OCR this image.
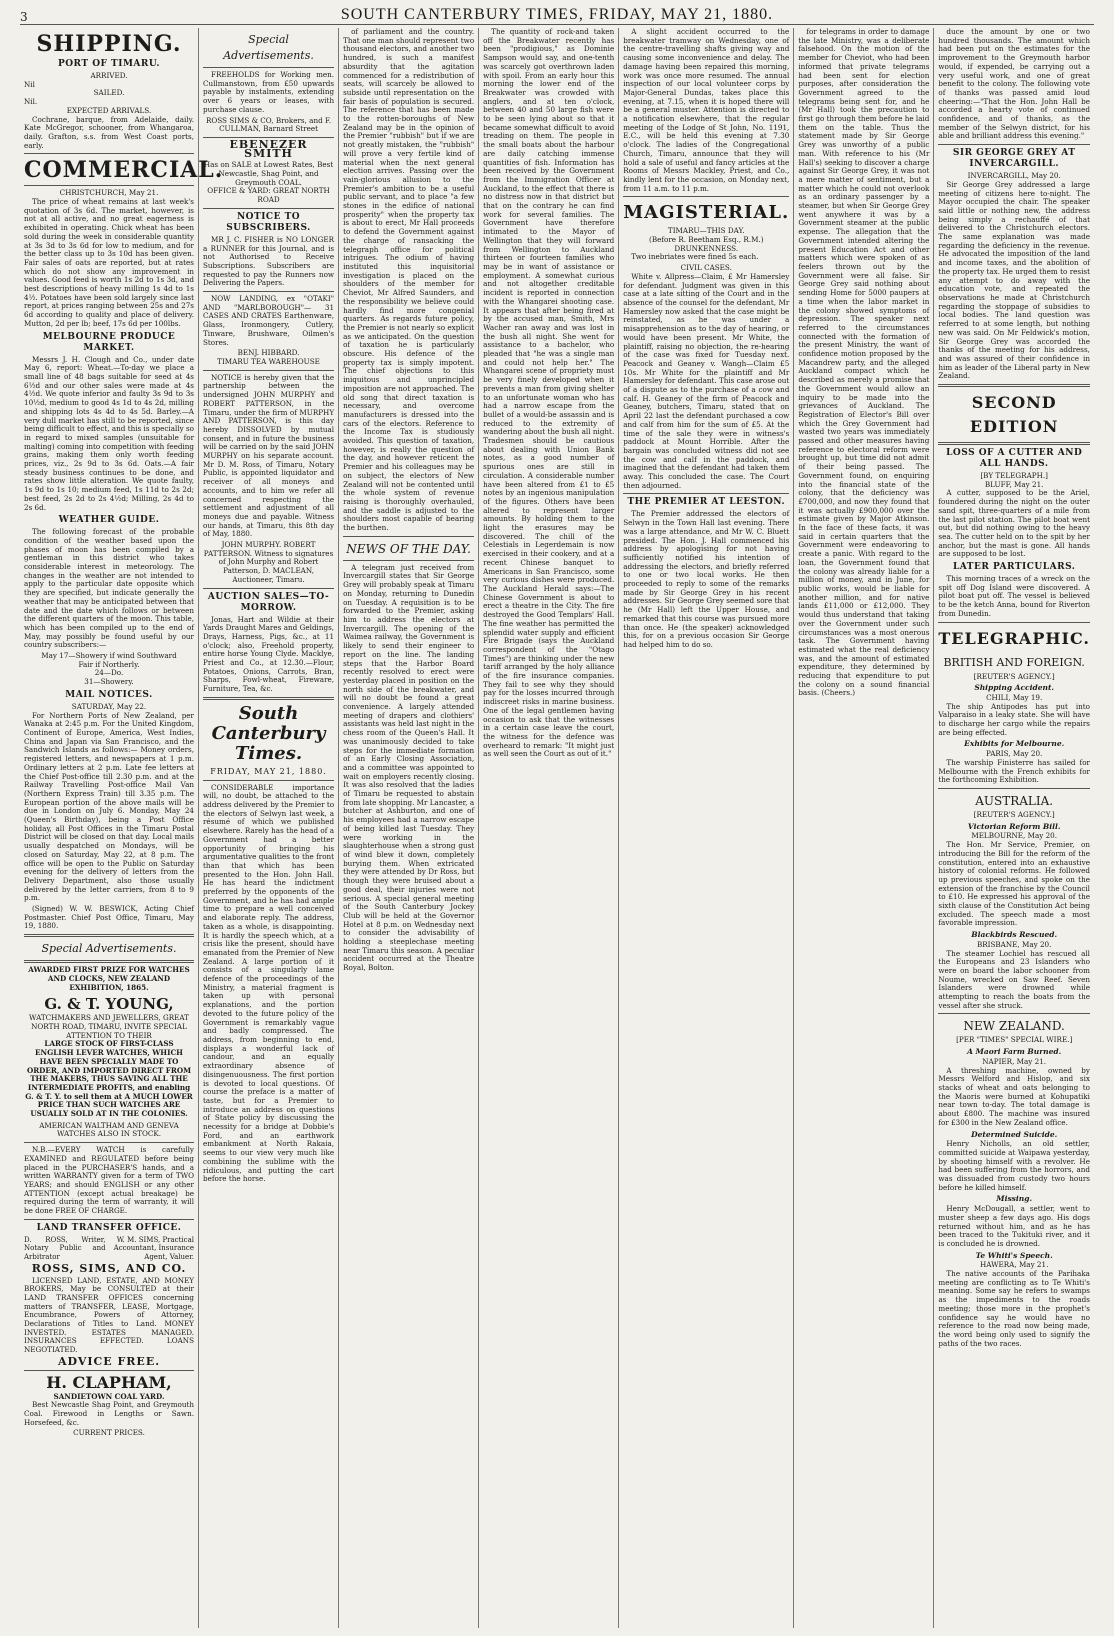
3	SOUTH CANTERBURY TIMES, FRIDAY, MAY 21, 1880.
SHIPPING.
PORT OF TIMARU.
ARRIVED.
Nil
SAILED.
Nil.
EXPECTED ARRIVALS.

Cochrane, barque, from Adelaide, daily. Kate McGregor, schooner, from Whangaroa, daily. Grafton, s.s. from West Coast ports, early.

COMMERCIAL.
CHRISTCHURCH, May 21.

The price of wheat remains at last week's quotation of 3s 6d. The market, however, is not at all active, and no great eagerness is exhibited in operating. Chick wheat has been sold during the week in considerable quantity at 3s 3d to 3s 6d for low to medium, and for the better class up to 3s 10d has been given. Fair sales of oats are reported, but at rates which do not show any improvement in values. Good feed is worth 1s 2d to 1s 3d, and best descriptions of heavy milling 1s 4d to 1s 4½. Potatoes have been sold largely since last report, at prices ranging between 25s and 27s 6d according to quality and place of delivery. Mutton, 2d per lb; beef, 17s 6d per 100lbs.

MELBOURNE PRODUCE MARKET.

Messrs J. H. Clough and Co., under date May 6, report: Wheat.—To-day we place a small line of 48 bags suitable for seed at 4s 6½d and our other sales were made at 4s 4½d. We quote inferior and faulty 3s 9d to 3s 10½d, medium to good 4s 1d to 4s 2d, milling and shipping lots 4s 4d to 4s 5d. Barley.—A very dull market has still to be reported, since being difficult to effect, and this is specially so in regard to mixed samples (unsuitable for malting) coming into competition with feeding grains, making them only worth feeding prices, viz., 2s 9d to 3s 6d. Oats.—A fair steady business continues to be done, and rates show little alteration. We quote faulty, 1s 9d to 1s 10; medium feed, 1s 11d to 2s 2d; best feed, 2s 2d to 2s 4½d; Milling, 2s 4d to 2s 6d.

WEATHER GUIDE.

The following forecast of the probable condition of the weather based upon the phases of moon has been compiled by a gentleman in this district who takes considerable interest in meteorology. The changes in the weather are not intended to apply to the particular date opposite which they are specified, but indicate generally the weather that may be anticipated between that date and the date which follows or between the different quarters of the moon. This table, which has been compiled up to the end of May, may possibly be found useful by our country subscribers:—

May 17—Showery if wind Southward
Fair if Northerly.
24—Do.
31—Showery.
MAIL NOTICES.
SATURDAY, May 22.

For Northern Ports of New Zealand, per Wanaka at 2:45 p.m. For the United Kingdom, Continent of Europe, America, West Indies, China and Japan via San Francisco, and the Sandwich Islands as follows:— Money orders, registered letters, and newspapers at 1 p.m. Ordinary letters at 2 p.m. Late fee letters at the Chief Post-office till 2.30 p.m. and at the Railway Travelling Post-office Mail Van (Northern Express Train) till 3.35 p.m. The European portion of the above mails will be due in London on July 6. Monday, May 24 (Queen's Birthday), being a Post Office holiday, all Post Offices in the Timaru Postal District will be closed on that day. Local mails usually despatched on Mondays, will be closed on Saturday, May 22, at 8 p.m. The office will be open to the Public on Saturday evening for the delivery of letters from the Delivery Department, also those usually delivered by the letter carriers, from 8 to 9 p.m.

(Signed) W. W. BESWICK, Acting Chief Postmaster. Chief Post Office, Timaru, May 19, 1880.

Special Advertisements.
AWARDED FIRST PRIZE FOR WATCHES AND CLOCKS, NEW ZEALAND EXHIBITION, 1865.
G. & T. YOUNG,
WATCHMAKERS AND JEWELLERS, GREAT NORTH ROAD, TIMARU, INVITE SPECIAL ATTENTION TO THEIR
LARGE STOCK OF FIRST-CLASS ENGLISH LEVER WATCHES, WHICH HAVE BEEN SPECIALLY MADE TO ORDER, AND IMPORTED DIRECT FROM THE MAKERS, THUS SAVING ALL THE INTERMEDIATE PROFITS, and enabling G. & T. Y. to sell them at A MUCH LOWER PRICE THAN SUCH WATCHES ARE USUALLY SOLD AT IN THE COLONIES.
AMERICAN WALTHAM AND GENEVA WATCHES ALSO IN STOCK.

N.B.—EVERY WATCH is carefully EXAMINED and REGULATED before being placed in the PURCHASER'S hands, and a written WARRANTY given for a term of TWO YEARS; and should ENGLISH or any other ATTENTION (except actual breakage) be required during the term of warranty, it will be done FREE OF CHARGE.

LAND TRANSFER OFFICE.
D. ROSS, Writer, Notary Public and Arbitrator
W. M. SIMS, Practical Accountant, Insurance Agent, Valuer.
ROSS, SIMS, AND CO.

LICENSED LAND, ESTATE, AND MONEY BROKERS, May be CONSULTED at their LAND TRANSFER OFFICES concerning matters of TRANSFER, LEASE, Mortgage, Encumbrance, Powers of Attorney, Declarations of Titles to Land. MONEY INVESTED. ESTATES MANAGED. INSURANCES EFFECTED. LOANS NEGOTIATED.

ADVICE FREE.
H. CLAPHAM,
SANDIETOWN COAL YARD.

Best Newcastle Shag Point, and Greymouth Coal. Firewood in Lengths or Sawn. Horsefeed, &c.

CURRENT PRICES.
Special Advertisements.

FREEHOLDS for Working men. Cullmanstown, from £50 upwards payable by instalments, extending over 6 years or leases, with purchase clause.

ROSS SIMS & CO, Brokers, and F. CULLMAN, Barnard Street
EBENEZER SMITH
Has on SALE at Lowest Rates, Best Newcastle, Shag Point, and Greymouth COAL.
OFFICE & YARD: GREAT NORTH ROAD
NOTICE TO SUBSCRIBERS.

MR J. C. FISHER is NO LONGER a RUNNER for this Journal, and is not Authorised to Receive Subscriptions. Subscribers are requested to pay the Runners now Delivering the Papers.

NOW LANDING, ex "OTAKI" AND "MARLBOROUGH"— 31 CASES AND CRATES Earthenware, Glass, Ironmongery, Cutlery, Tinware, Brushware, Oilmen's Stores.

BENJ. HIBBARD.
TIMARU TEA WAREHOUSE

NOTICE is hereby given that the partnership between the undersigned JOHN MURPHY and ROBERT PATTERSON, in the Timaru, under the firm of MURPHY AND PATTERSON, is this day hereby DISSOLVED by mutual consent, and in future the business will be carried on by the said JOHN MURPHY on his separate account. Mr D. M. Ross, of Timaru, Notary Public, is appointed liquidator and receiver of all moneys and accounts, and to him we refer all concerned respecting the settlement and adjustment of all moneys due and payable. Witness our hands, at Timaru, this 8th day of May, 1880.

JOHN MURPHY. ROBERT PATTERSON. Witness to signatures of John Murphy and Robert Patterson, D. MACLEAN, Auctioneer, Timaru.
AUCTION SALES—TO-MORROW.

Jonas, Hart and Wildie at their Yards Draught Mares and Geldings, Drays, Harness, Pigs, &c., at 11 o'clock; also, Freehold property, entire horse Young Clyde. Macklye, Priest and Co., at 12.30.—Flour, Potatoes, Onions, Carrots, Bran, Sharps, Fowl-wheat, Fireware, Furniture, Tea, &c.

South Canterbury Times.
FRIDAY, MAY 21, 1880.

CONSIDERABLE importance will, no doubt, be attached to the address delivered by the Premier to the electors of Selwyn last week, a résumé of which we published elsewhere. Rarely has the head of a Government had a better opportunity of bringing his argumentative qualities to the front than that which has been presented to the Hon. John Hall. He has heard the indictment preferred by the opponents of the Government, and he has had ample time to prepare a well conceived and elaborate reply. The address, taken as a whole, is disappointing. It is hardly the speech which, at a crisis like the present, should have emanated from the Premier of New Zealand. A large portion of it consists of a singularly lame defence of the proceedings of the Ministry, a material fragment is taken up with personal explanations, and the portion devoted to the future policy of the Government is remarkably vague and badly compressed. The address, from beginning to end, displays a wonderful lack of candour, and an equally extraordinary absence of disingenuousness. The first portion is devoted to local questions. Of course the preface is a matter of taste, but for a Premier to introduce an address on questions of State policy by discussing the necessity for a bridge at Dobbie's Ford, and an earthwork embankment at North Rakaia, seems to our view very much like combining the sublime with the ridiculous, and putting the cart before the horse.

of parliament and the country. That one man should represent two thousand electors, and another two hundred, is such a manifest absurdity that the agitation commenced for a redistribution of seats, will scarcely be allowed to subside until representation on the fair basis of population is secured. The reference that has been made to the rotten-boroughs of New Zealand may be in the opinion of the Premier "rubbish" but if we are not greatly mistaken, the "rubbish" will prove a very fertile kind of material when the next general election arrives. Passing over the vain-glorious allusion to the Premier's ambition to be a useful public servant, and to place "a few stones in the edifice of national prosperity" when the property tax is about to erect, Mr Hall proceeds to defend the Government against the charge of ransacking the telegraph office for political intrigues. The odium of having instituted this inquisitorial investigation is placed on the shoulders of the member for Cheviot, Mr Alfred Saunders, and the responsibility we believe could hardly find more congenial quarters. As regards future policy, the Premier is not nearly so explicit as we anticipated. On the question of taxation he is particularly obscure. His defence of the property tax is simply impotent. The chief objections to this iniquitous and unprincipled imposition are not approached. The old song that direct taxation is necessary, and overcome manufacturers is dressed into the cars of the electors. Reference to the Income Tax is studiously avoided. This question of taxation, however, is really the question of the day, and however reticent the Premier and his colleagues may be on subject, the electors of New Zealand will not be contented until the whole system of revenue raising is thoroughly overhauled, and the saddle is adjusted to the shoulders most capable of bearing the burthen.

NEWS OF THE DAY.

A telegram just received from Invercargill states that Sir George Grey will probably speak at Timaru on Monday, returning to Dunedin on Tuesday. A requisition is to be forwarded to the Premier, asking him to address the electors at Invercargill. The opening of the Waimea railway, the Government is likely to send their engineer to report on the line. The landing steps that the Harbor Board recently resolved to erect were yesterday placed in position on the north side of the breakwater, and will no doubt be found a great convenience. A largely attended meeting of drapers and clothiers' assistants was held last night in the chess room of the Queen's Hall. It was unanimously decided to take steps for the immediate formation of an Early Closing Association, and a committee was appointed to wait on employers recently closing. It was also resolved that the ladies of Timaru be requested to abstain from late shopping. Mr Lancaster, a butcher at Ashburton, and one of his employees had a narrow escape of being killed last Tuesday. They were working in the slaughterhouse when a strong gust of wind blew it down, completely burying them. When extricated they were attended by Dr Ross, but though they were bruised about a good deal, their injuries were not serious. A special general meeting of the South Canterbury Jockey Club will be held at the Governor Hotel at 8 p.m. on Wednesday next to consider the advisability of holding a steeplechase meeting near Timaru this season. A peculiar accident occurred at the Theatre Royal, Bolton.

The quantity of rock-and taken off the Breakwater recently has been "prodigious," as Dominie Sampson would say, and one-tenth was scarcely got overthrown laden with spoil. From an early hour this morning the lower end of the Breakwater was crowded with anglers, and at ten o'clock, between 40 and 50 large fish were to be seen lying about so that it became somewhat difficult to avoid treading on them. The people in the small boats about the harbour are daily catching immense quantities of fish. Information has been received by the Government from the Immigration Officer at Auckland, to the effect that there is no distress now in that district but that on the contrary he can find work for several families. The Government have therefore intimated to the Mayor of Wellington that they will forward from Wellington to Auckland thirteen or fourteen families who may be in want of assistance or employment. A somewhat curious and not altogether creditable incident is reported in connection with the Whangarei shooting case. It appears that after being fired at by the accused man, Smith, Mrs Wacher ran away and was lost in the bush all night. She went for assistance to a bachelor, who pleaded that "he was a single man and could not help her." The Whangarei scene of propriety must be very finely developed when it prevents a man from giving shelter to an unfortunate woman who has had a narrow escape from the bullet of a would-be assassin and is reduced to the extremity of wandering about the bush all night. Tradesmen should be cautious about dealing with Union Bank notes, as a good number of spurious ones are still in circulation. A considerable number have been altered from £1 to £5 notes by an ingenious manipulation of the figures. Others have been altered to represent larger amounts. By holding them to the light the erasures may be discovered. The chill of the Celestials in Legerdemain is now exercised in their cookery, and at a recent Chinese banquet to Americans in San Francisco, some very curious dishes were produced. The Auckland Herald says:—The Chinese Government is about to erect a theatre in the City. The fire destroyed the Good Templars' Hall. The fine weather has permitted the splendid water supply and efficient Fire Brigade (says the Auckland correspondent of the "Otago Times") are thinking under the new tariff arranged by the holy alliance of the fire insurance companies. They fail to see why they should pay for the losses incurred through indiscreet risks in marine business. One of the legal gentlemen having occasion to ask that the witnesses in a certain case leave the court, the witness for the defence was overheard to remark: "It might just as well seen the Court as out of it."

A slight accident occurred to the breakwater tramway on Wednesday, one of the centre-travelling shafts giving way and causing some inconvenience and delay. The damage having been repaired this morning, work was once more resumed. The annual inspection of our local volunteer corps by Major-General Dundas, takes place this evening, at 7.15, when it is hoped there will be a general muster. Attention is directed to a notification elsewhere, that the regular meeting of the Lodge of St John, No. 1191, E.C., will be held this evening at 7.30 o'clock. The ladies of the Congregational Church, Timaru, announce that they will hold a sale of useful and fancy articles at the Rooms of Messrs Mackley, Priest, and Co., kindly lent for the occasion, on Monday next, from 11 a.m. to 11 p.m.

MAGISTERIAL.
TIMARU—THIS DAY.
(Before R. Beetham Esq., R.M.)
DRUNKENNESS.

Two inebriates were fined 5s each.

CIVIL CASES.

White v. Allpress—Claim, £ Mr Hamersley for defendant. Judgment was given in this case at a late sitting of the Court and in the absence of the counsel for the defendant, Mr Hamersley now asked that the case might be reinstated, as he was under a misapprehension as to the day of hearing, or would have been present. Mr White, the plaintiff, raising no objection, the re-hearing of the case was fixed for Tuesday next. Peacock and Geaney v. Wangh—Claim £5 10s. Mr White for the plaintiff and Mr Hamersley for defendant. This case arose out of a dispute as to the purchase of a cow and calf. H. Geaney of the firm of Peacock and Geaney, butchers, Timaru, stated that on April 22 last the defendant purchased a cow and calf from him for the sum of £5. At the time of the sale they were in witness's paddock at Mount Horrible. After the bargain was concluded witness did not see the cow and calf in the paddock, and imagined that the defendant had taken them away. This concluded the case. The Court then adjourned.

THE PREMIER AT LEESTON.

The Premier addressed the electors of Selwyn in the Town Hall last evening. There was a large attendance, and Mr W. C. Bluett presided. The Hon. J. Hall commenced his address by apologising for not having sufficiently notified his intention of addressing the electors, and briefly referred to one or two local works. He then proceeded to reply to some of the remarks made by Sir George Grey in his recent addresses. Sir George Grey seemed sore that he (Mr Hall) left the Upper House, and remarked that this course was pursued more than once. He (the speaker) acknowledged this, for on a previous occasion Sir George had helped him to do so.

for telegrams in order to damage the late Ministry, was a deliberate falsehood. On the motion of the member for Cheviot, who had been informed that private telegrams had been sent for election purposes, after consideration the Government agreed to the telegrams being sent for, and he (Mr Hall) took the precaution to first go through them before he laid them on the table. Thus the statement made by Sir George Grey was unworthy of a public man. With reference to his (Mr Hall's) seeking to discover a charge against Sir George Grey, it was not a mere matter of sentiment, but a matter which he could not overlook as an ordinary passenger by a steamer, but when Sir George Grey went anywhere it was by a Government steamer at the public expense. The allegation that the Government intended altering the present Education Act and other matters which were spoken of as feelers thrown out by the Government were all false. Sir George Grey said nothing about sending Home for 5000 paupers at a time when the labor market in the colony showed symptoms of depression. The speaker next referred to the circumstances connected with the formation of the present Ministry, the want of confidence motion proposed by the Macandrew party, and the alleged Auckland compact which he described as merely a promise that the Government would allow an inquiry to be made into the grievances of Auckland. The Registration of Elector's Bill over which the Grey Government had wasted two years was immediately passed and other measures having reference to electoral reform were brought up, but time did not admit of their being passed. The Government found, on enquiring into the financial state of the colony, that the deficiency was £700,000, and now they found that it was actually £900,000 over the estimate given by Major Atkinson. In the face of these facts, it was said in certain quarters that the Government were endeavoring to create a panic. With regard to the loan, the Government found that the colony was already liable for a million of money, and in June, for public works, would be liable for another million, and for native lands £11,000 or £12,000. They would thus understand that taking over the Government under such circumstances was a most onerous task. The Government having estimated what the real deficiency was, and the amount of estimated expenditure, they determined by reducing that expenditure to put the colony on a sound financial basis. (Cheers.)

duce the amount by one or two hundred thousands. The amount which had been put on the estimates for the improvement to the Greymouth harbor would, if expended, be carrying out a very useful work, and one of great benefit to the colony. The following vote of thanks was passed amid loud cheering:—"That the Hon. John Hall be accorded a hearty vote of continued confidence, and of thanks, as the member of the Selwyn district, for his able and brilliant address this evening."

SIR GEORGE GREY AT INVERCARGILL.
INVERCARGILL, May 20.

Sir George Grey addressed a large meeting of citizens here to-night. The Mayor occupied the chair. The speaker said little or nothing new, the address being simply a rechauffé of that delivered to the Christchurch electors. The same explanation was made regarding the deficiency in the revenue. He advocated the imposition of the land and income taxes, and the abolition of the property tax. He urged them to resist any attempt to do away with the education vote, and repeated the observations he made at Christchurch regarding the stoppage of subsidies to local bodies. The land question was referred to at some length, but nothing new was said. On Mr Feldwick's motion, Sir George Grey was accorded the thanks of the meeting for his address, and was assured of their confidence in him as leader of the Liberal party in New Zealand.

SECOND EDITION
LOSS OF A CUTTER AND ALL HANDS.
[BY TELEGRAPH.]
BLUFF, May 21.

A cutter, supposed to be the Ariel, foundered during the night on the outer sand spit, three-quarters of a mile from the last pilot station. The pilot boat went out, but did nothing owing to the heavy sea. The cutter held on to the spit by her anchor, but the mast is gone. All hands are supposed to be lost.

LATER PARTICULARS.

This morning traces of a wreck on the spit off Dog Island were discovered. A pilot boat put off. The vessel is believed to be the ketch Anna, bound for Riverton from Dunedin.

TELEGRAPHIC.
BRITISH AND FOREIGN.
[REUTER'S AGENCY.]
Shipping Accident.
CHILI, May 19.

The ship Antipodes has put into Valparaiso in a leaky state. She will have to discharge her cargo while the repairs are being effected.

Exhibits for Melbourne.
PARIS, May 20.

The warship Finisterre has sailed for Melbourne with the French exhibits for the forthcoming Exhibition.

AUSTRALIA.
[REUTER'S AGENCY.]
Victorian Reform Bill.
MELBOURNE, May 20.

The Hon. Mr Service, Premier, on introducing the Bill for the reform of the constitution, entered into an exhaustive history of colonial reforms. He followed up previous speeches, and spoke on the extension of the franchise by the Council to £10. He expressed his approval of the sixth clause of the Constitution Act being excluded. The speech made a most favorable impression.

Blackbirds Rescued.
BRISBANE, May 20.

The steamer Lochiel has rescued all the Europeans and 23 Islanders who were on board the labor schooner from Noume, wrecked on Saw Reef. Seven Islanders were drowned while attempting to reach the boats from the vessel after she struck.

NEW ZEALAND.
[PER "TIMES" SPECIAL WIRE.]
A Maori Farm Burned.
NAPIER, May 21.

A threshing machine, owned by Messrs Welford and Hislop, and six stacks of wheat and oats belonging to the Maoris were burned at Kohupatiki near town to-day. The total damage is about £800. The machine was insured for £300 in the New Zealand office.

Determined Suicide.

Henry Nicholls, an old settler, committed suicide at Waipawa yesterday, by shooting himself with a revolver. He had been suffering from the horrors, and was dissuaded from custody two hours before he killed himself.

Missing.

Henry McDougall, a settler, went to muster sheep a few days ago. His dogs returned without him, and as he has been traced to the Tukituki river, and it is concluded he is drowned.

Te Whiti's Speech.
HAWERA, May 21.

The native accounts of the Parihaka meeting are conflicting as to Te Whiti's meaning. Some say he refers to swamps as the impediments to the roads meeting; those more in the prophet's confidence say he would have no reference to the road now being made, the word being only used to signify the paths of the two races.
